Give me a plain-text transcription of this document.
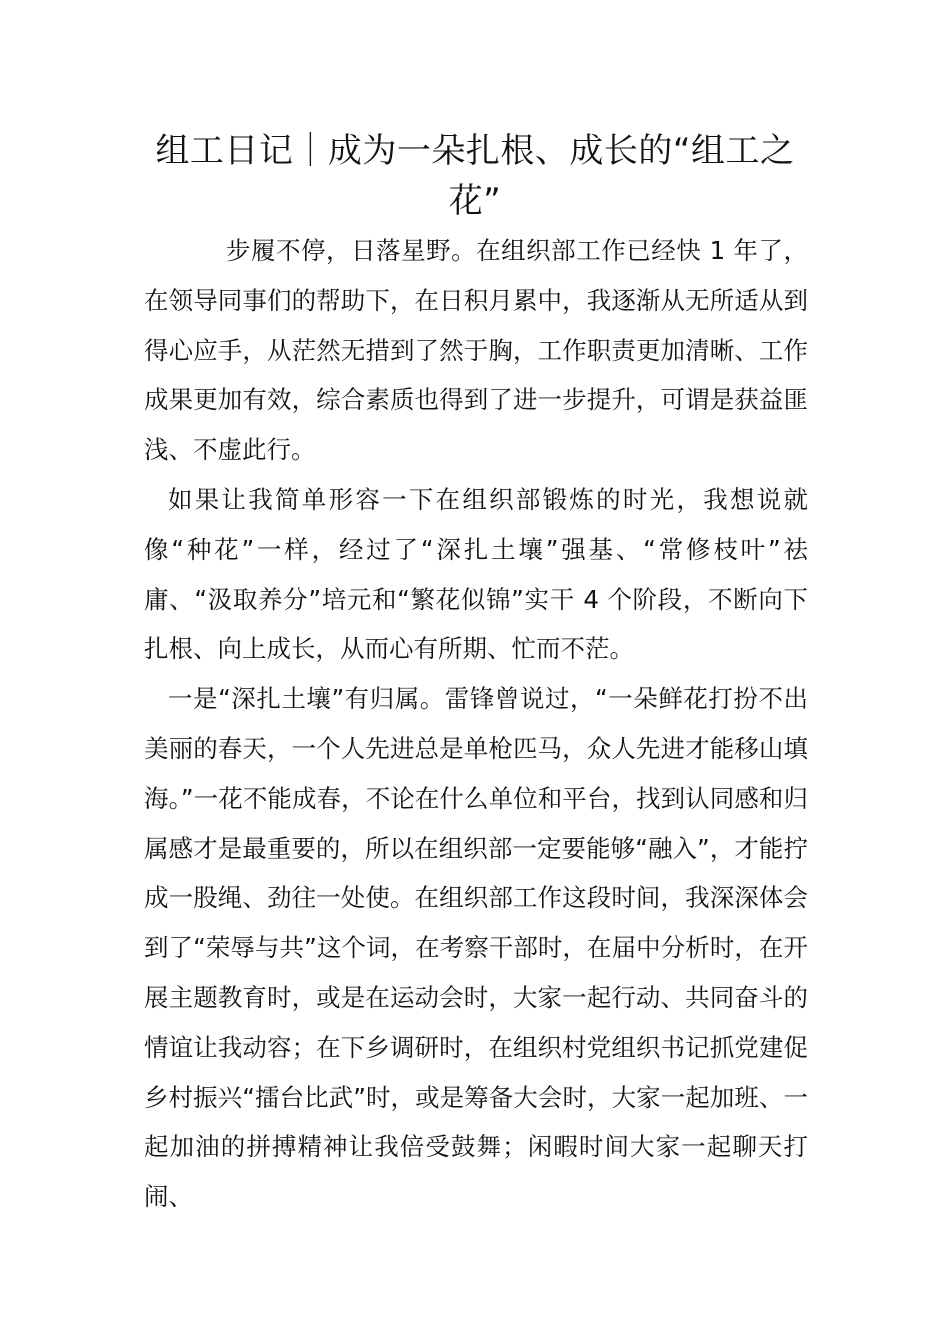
组工日记｜成为一朵扎根、成长的“组工之花”

步履不停，日落星野。在组织部工作已经快 1 年了，在领导同事们的帮助下，在日积月累中，我逐渐从无所适从到得心应手，从茫然无措到了然于胸，工作职责更加清晰、工作成果更加有效，综合素质也得到了进一步提升，可谓是获益匪浅、不虚此行。

如果让我简单形容一下在组织部锻炼的时光，我想说就像“种花”一样，经过了“深扎土壤”强基、“常修枝叶”祛庸、“汲取养分”培元和“繁花似锦”实干 4 个阶段，不断向下扎根、向上成长，从而心有所期、忙而不茫。

一是“深扎土壤”有归属。雷锋曾说过，“一朵鲜花打扮不出美丽的春天，一个人先进总是单枪匹马，众人先进才能移山填海。”一花不能成春，不论在什么单位和平台，找到认同感和归属感才是最重要的，所以在组织部一定要能够“融入”，才能拧成一股绳、劲往一处使。在组织部工作这段时间，我深深体会到了“荣辱与共”这个词，在考察干部时，在届中分析时，在开展主题教育时，或是在运动会时，大家一起行动、共同奋斗的情谊让我动容；在下乡调研时，在组织村党组织书记抓党建促乡村振兴“擂台比武”时，或是筹备大会时，大家一起加班、一起加油的拼搏精神让我倍受鼓舞；闲暇时间大家一起聊天打闹、
